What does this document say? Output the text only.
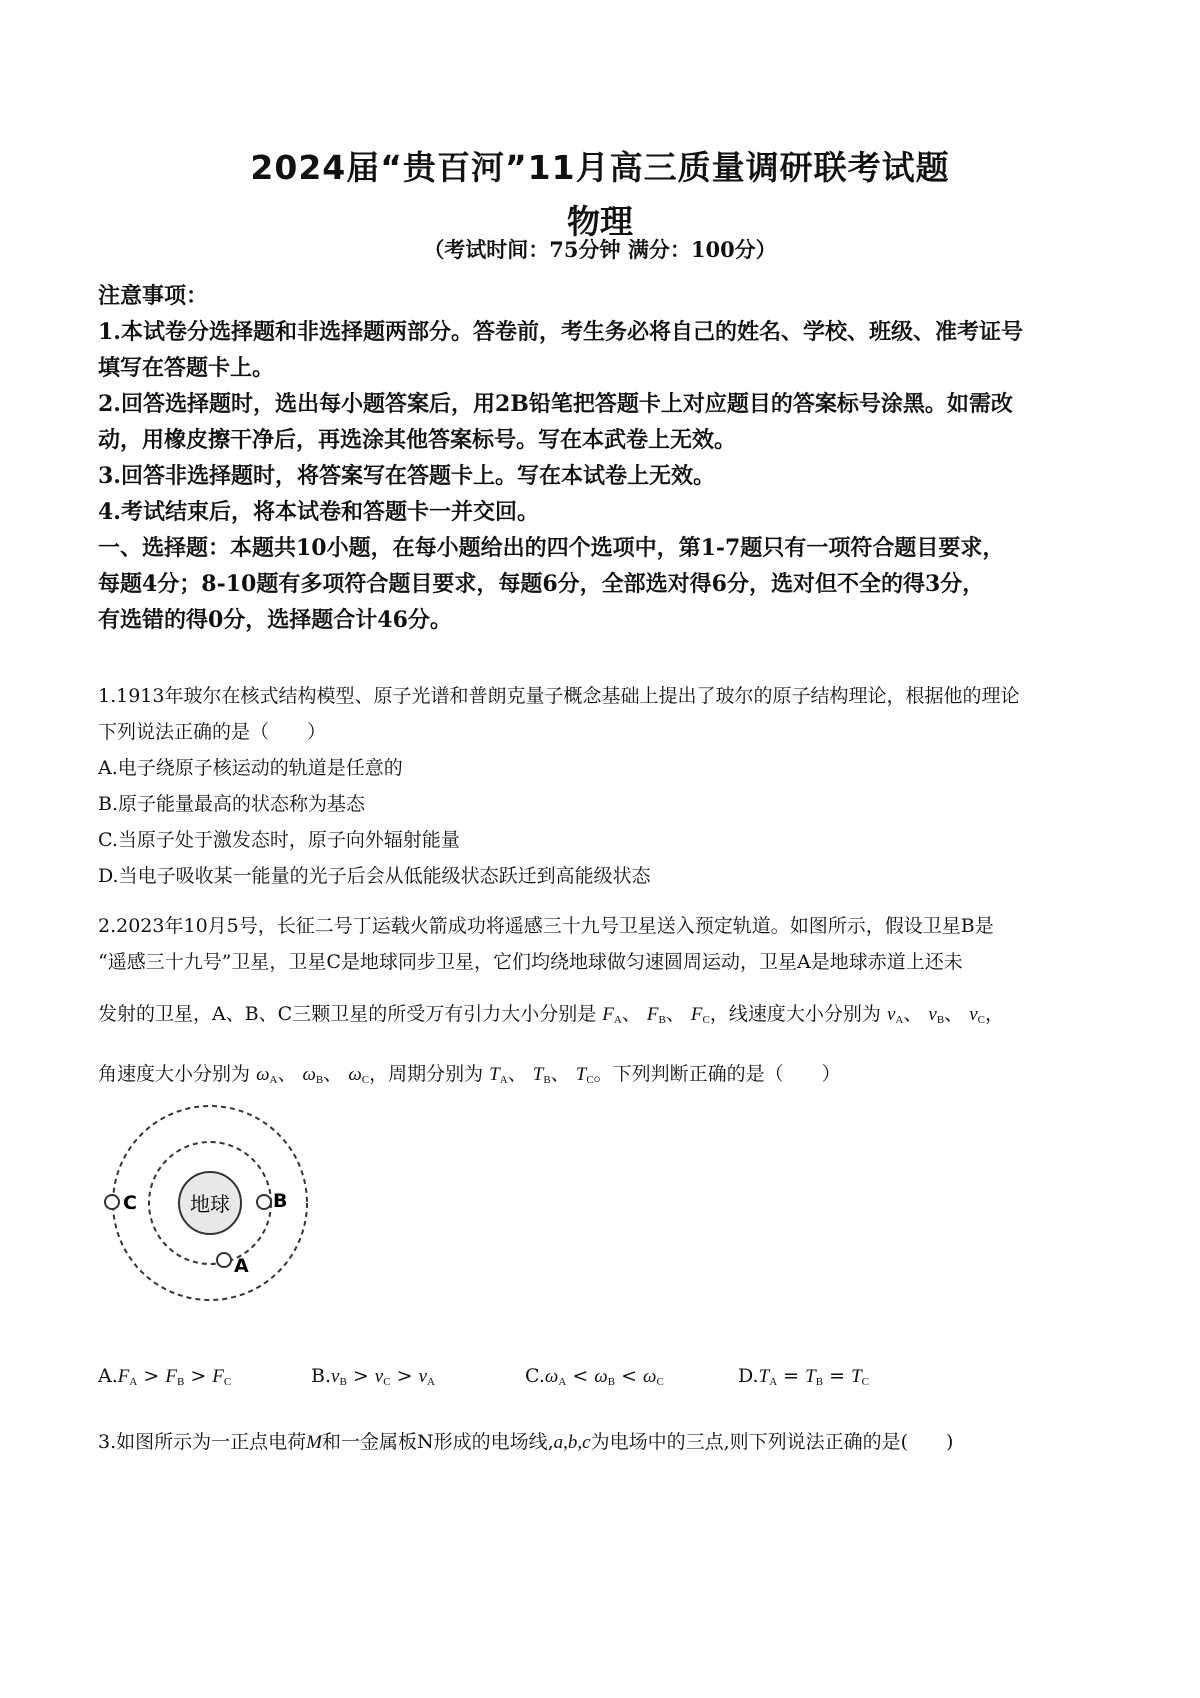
2024届“贵百河”11月高三质量调研联考试题
物理
（考试时间：75分钟 满分：100分）
注意事项：
1.本试卷分选择题和非选择题两部分。答卷前，考生务必将自己的姓名、学校、班级、准考证号
填写在答题卡上。
2.回答选择题时，选出每小题答案后，用2B铅笔把答题卡上对应题目的答案标号涂黑。如需改
动，用橡皮擦干净后，再选涂其他答案标号。写在本武卷上无效。
3.回答非选择题时，将答案写在答题卡上。写在本试卷上无效。
4.考试结束后，将本试卷和答题卡一并交回。
一、选择题：本题共10小题，在每小题给出的四个选项中，第1-7题只有一项符合题目要求，
每题4分；8-10题有多项符合题目要求，每题6分，全部选对得6分，选对但不全的得3分，
有选错的得0分，选择题合计46分。
1.1913年玻尔在核式结构模型、原子光谱和普朗克量子概念基础上提出了玻尔的原子结构理论，根据他的理论
下列说法正确的是（　　）
A.电子绕原子核运动的轨道是任意的
B.原子能量最高的状态称为基态
C.当原子处于激发态时，原子向外辐射能量
D.当电子吸收某一能量的光子后会从低能级状态跃迁到高能级状态
2.2023年10月5号，长征二号丁运载火箭成功将遥感三十九号卫星送入预定轨道。如图所示，假设卫星B是
“遥感三十九号”卫星，卫星C是地球同步卫星，它们均绕地球做匀速圆周运动，卫星A是地球赤道上还未
发射的卫星，A、B、C三颗卫星的所受万有引力大小分别是 $F_A$、 $F_B$、 $F_C$，线速度大小分别为 $v_A$、 $v_B$、 $v_C$，
角速度大小分别为 $\omega_A$、 $\omega_B$、 $\omega_C$，周期分别为 $T_A$、 $T_B$、 $T_C$。下列判断正确的是（　　）
地球
C	B
A
$A.F_A > F_B > F_C$	$B.v_B > v_C > v_A$	$C.\omega_A < \omega_B < \omega_C$	$D.T_A = T_B = T_C$
3.如图所示为一正点电荷M和一金属板N形成的电场线,a,b,c为电场中的三点,则下列说法正确的是(　　)
